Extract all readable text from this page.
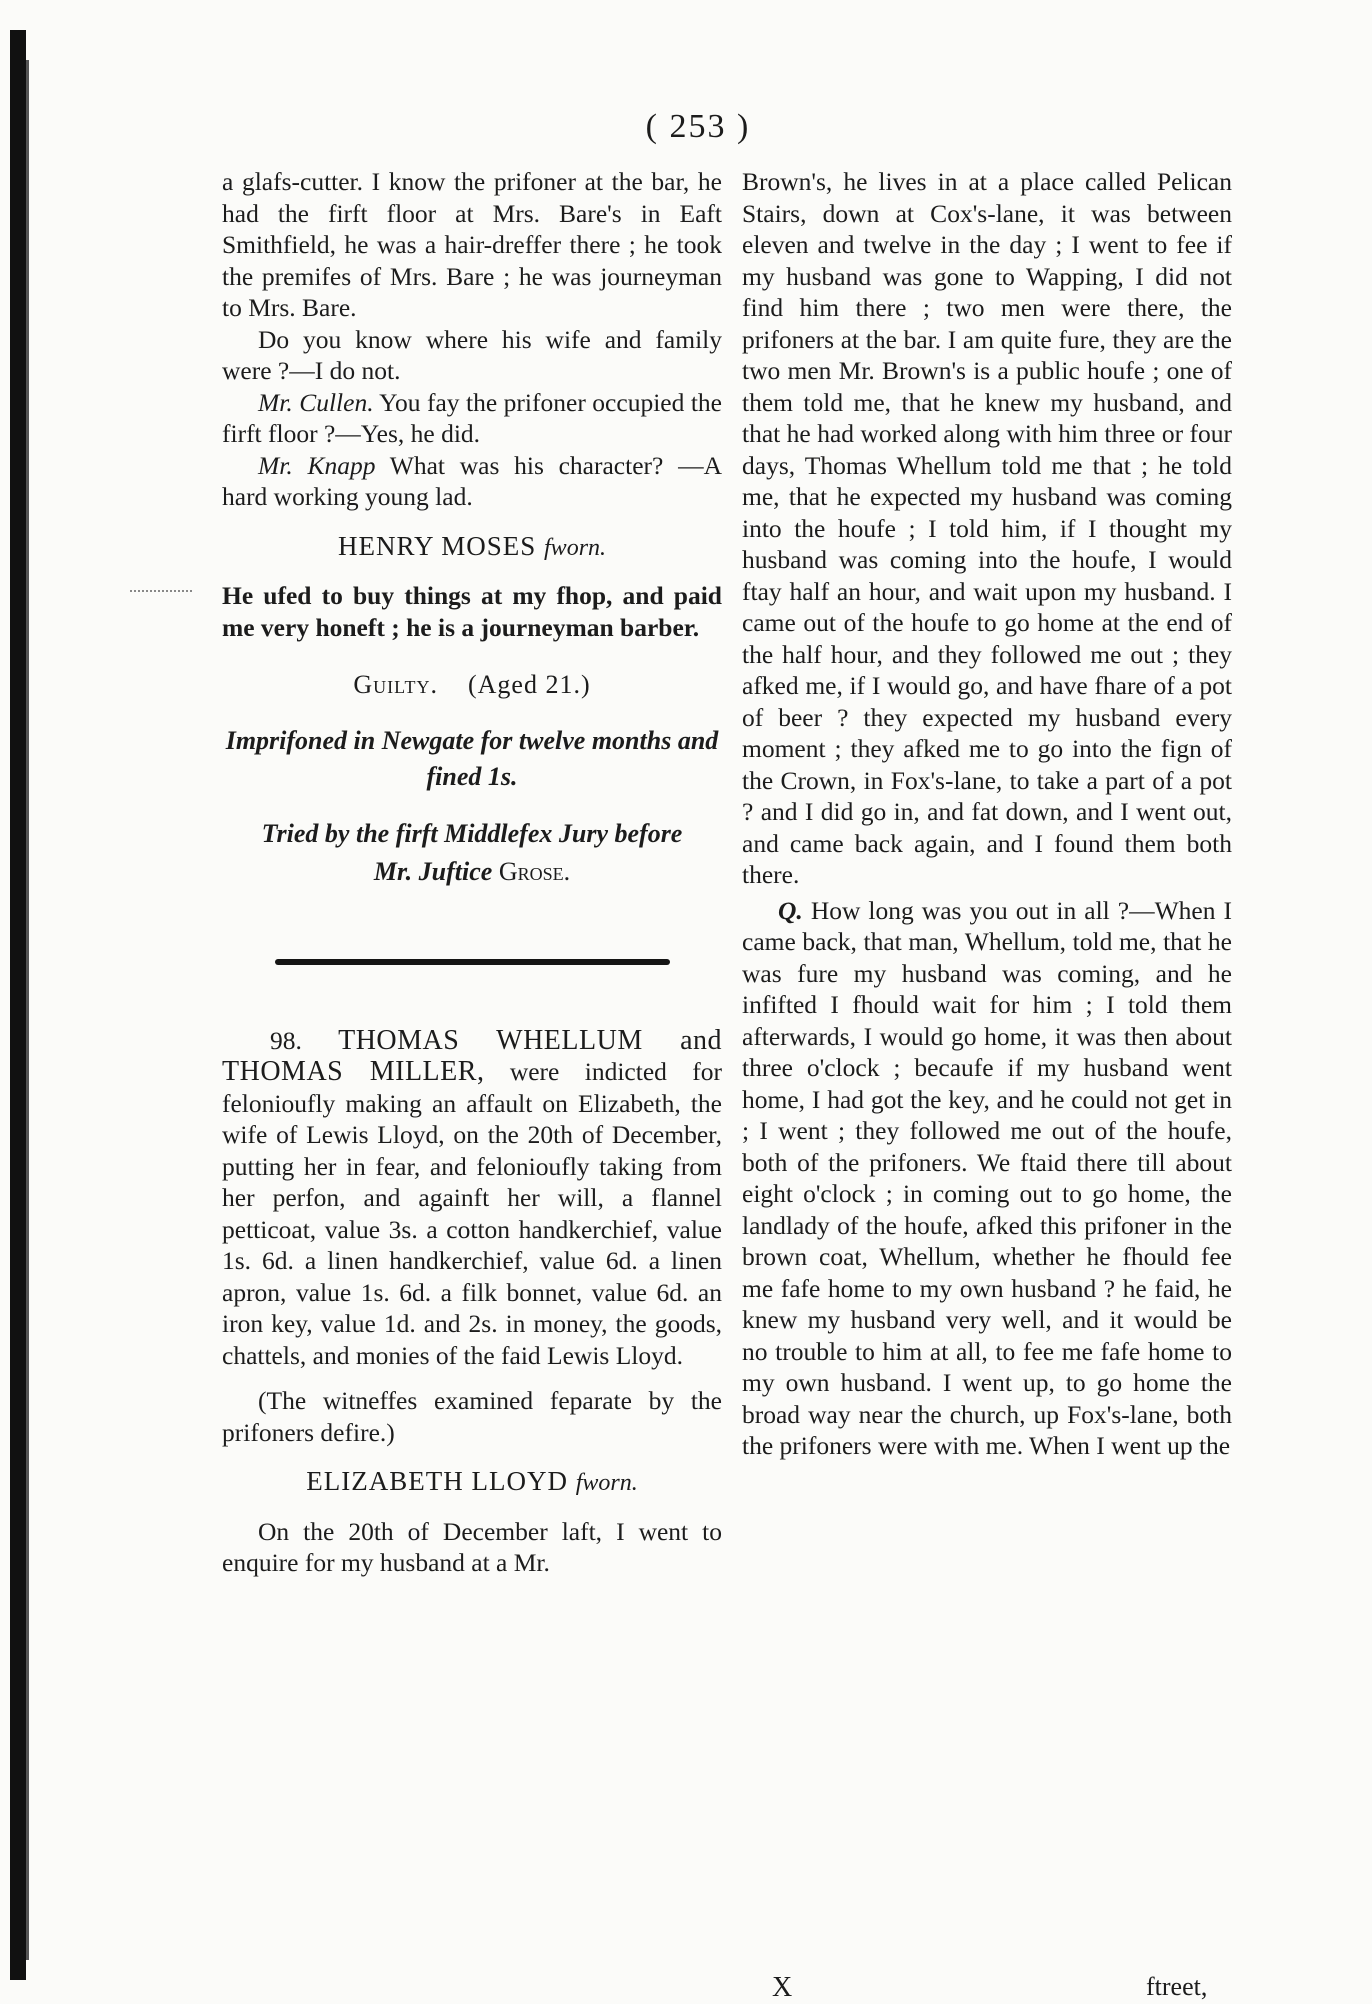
( 253 )

a glafs-cutter. I know the prifoner at the bar, he had the firft floor at Mrs. Bare's in Eaft Smithfield, he was a hair-dreffer there ; he took the premifes of Mrs. Bare ; he was journeyman to Mrs. Bare.

Do you know where his wife and family were ?—I do not.

Mr. Cullen. You fay the prifoner occupied the firft floor ?—Yes, he did.

Mr. Knapp What was his character? —A hard working young lad.

HENRY MOSES fworn.

He ufed to buy things at my fhop, and paid me very honeft ; he is a journeyman barber.

Guilty. (Aged 21.)

Imprifoned in Newgate for twelve months and fined 1s.

Tried by the firft Middlefex Jury before

Mr. Juftice Grose.

98. THOMAS WHELLUM and THOMAS MILLER, were indicted for felonioufly making an affault on Elizabeth, the wife of Lewis Lloyd, on the 20th of December, putting her in fear, and felonioufly taking from her perfon, and againft her will, a flannel petticoat, value 3s. a cotton handkerchief, value 1s. 6d. a linen handkerchief, value 6d. a linen apron, value 1s. 6d. a filk bonnet, value 6d. an iron key, value 1d. and 2s. in money, the goods, chattels, and monies of the faid Lewis Lloyd.

(The witneffes examined feparate by the prifoners defire.)

ELIZABETH LLOYD fworn.

On the 20th of December laft, I went to enquire for my husband at a Mr.

Brown's, he lives in at a place called Pelican Stairs, down at Cox's-lane, it was between eleven and twelve in the day ; I went to fee if my husband was gone to Wapping, I did not find him there ; two men were there, the prifoners at the bar. I am quite fure, they are the two men Mr. Brown's is a public houfe ; one of them told me, that he knew my husband, and that he had worked along with him three or four days, Thomas Whellum told me that ; he told me, that he expected my husband was coming into the houfe ; I told him, if I thought my husband was coming into the houfe, I would ftay half an hour, and wait upon my husband. I came out of the houfe to go home at the end of the half hour, and they followed me out ; they afked me, if I would go, and have fhare of a pot of beer ? they expected my husband every moment ; they afked me to go into the fign of the Crown, in Fox's-lane, to take a part of a pot ? and I did go in, and fat down, and I went out, and came back again, and I found them both there.

Q. How long was you out in all ?—When I came back, that man, Whellum, told me, that he was fure my husband was coming, and he infifted I fhould wait for him ; I told them afterwards, I would go home, it was then about three o'clock ; becaufe if my husband went home, I had got the key, and he could not get in ; I went ; they followed me out of the houfe, both of the prifoners. We ftaid there till about eight o'clock ; in coming out to go home, the landlady of the houfe, afked this prifoner in the brown coat, Whellum, whether he fhould fee me fafe home to my own husband ? he faid, he knew my husband very well, and it would be no trouble to him at all, to fee me fafe home to my own husband. I went up, to go home the broad way near the church, up Fox's-lane, both the prifoners were with me. When I went up the

X	ftreet,
